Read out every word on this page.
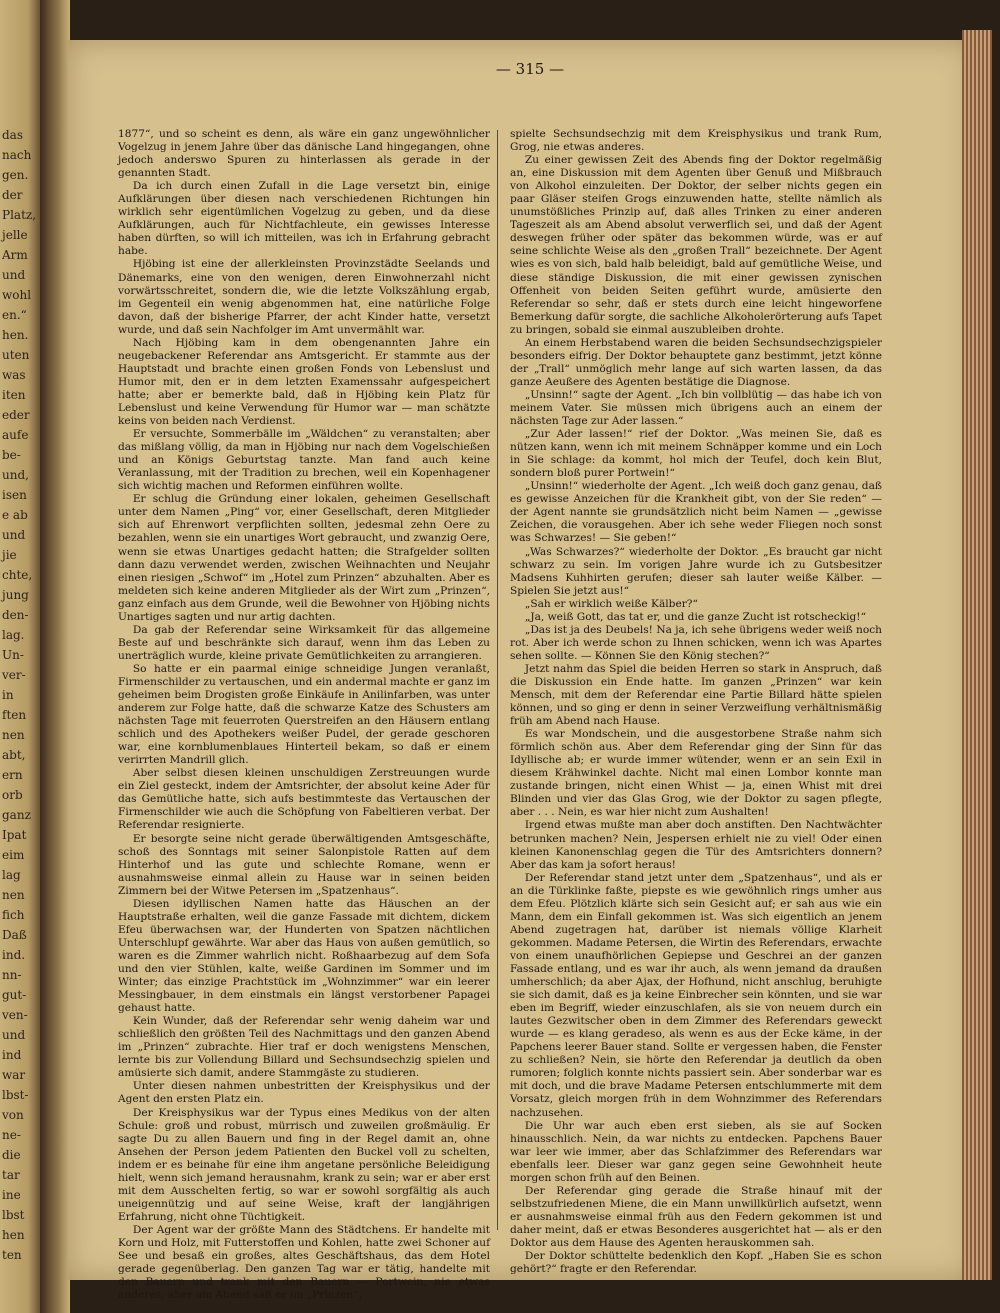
das
nach
gen.
der
Platz,
jelle
Arm
und
wohl
en.“
hen.
uten
was
iten
eder
aufe
be-
und,
isen
e ab
und
jie
chte,
jung
den-
lag.
Un-
ver-
in
ften
nen
abt,
ern
orb
ganz
Ipat
eim
lag
nen
fich
Daß
ind.
nn-
gut-
ven-
und
ind
war
lbst-
von
ne-
die
tar
ine
lbst
hen
ten
— 315 —

1877“, und so scheint es denn, als wäre ein ganz ungewöhnlicher Vogelzug in jenem Jahre über das dänische Land hingegangen, ohne jedoch anderswo Spuren zu hinterlassen als gerade in der genannten Stadt.

Da ich durch einen Zufall in die Lage versetzt bin, einige Aufklärungen über diesen nach verschiedenen Richtungen hin wirklich sehr eigentümlichen Vogelzug zu geben, und da diese Aufklärungen, auch für Nichtfachleute, ein gewisses Interesse haben dürften, so will ich mitteilen, was ich in Erfahrung gebracht habe.

Hjöbing ist eine der allerkleinsten Provinzstädte Seelands und Dänemarks, eine von den wenigen, deren Einwohnerzahl nicht vorwärtsschreitet, sondern die, wie die letzte Volkszählung ergab, im Gegenteil ein wenig abgenommen hat, eine natürliche Folge davon, daß der bisherige Pfarrer, der acht Kinder hatte, versetzt wurde, und daß sein Nachfolger im Amt unvermählt war.

Nach Hjöbing kam in dem obengenannten Jahre ein neugebackener Referendar ans Amtsgericht. Er stammte aus der Hauptstadt und brachte einen großen Fonds von Lebenslust und Humor mit, den er in dem letzten Examenssahr aufgespeichert hatte; aber er bemerkte bald, daß in Hjöbing kein Platz für Lebenslust und keine Verwendung für Humor war — man schätzte keins von beiden nach Verdienst.

Er versuchte, Sommerbälle im „Wäldchen“ zu veranstalten; aber das mißlang völlig, da man in Hjöbing nur nach dem Vogelschießen und an Königs Geburtstag tanzte. Man fand auch keine Veranlassung, mit der Tradition zu brechen, weil ein Kopenhagener sich wichtig machen und Reformen einführen wollte.

Er schlug die Gründung einer lokalen, geheimen Gesellschaft unter dem Namen „Ping“ vor, einer Gesellschaft, deren Mitglieder sich auf Ehrenwort verpflichten sollten, jedesmal zehn Oere zu bezahlen, wenn sie ein unartiges Wort gebraucht, und zwanzig Oere, wenn sie etwas Unartiges gedacht hatten; die Strafgelder sollten dann dazu verwendet werden, zwischen Weihnachten und Neujahr einen riesigen „Schwof“ im „Hotel zum Prinzen“ abzuhalten. Aber es meldeten sich keine anderen Mitglieder als der Wirt zum „Prinzen“, ganz einfach aus dem Grunde, weil die Bewohner von Hjöbing nichts Unartiges sagten und nur artig dachten.

Da gab der Referendar seine Wirksamkeit für das allgemeine Beste auf und beschränkte sich darauf, wenn ihm das Leben zu unerträglich wurde, kleine private Gemütlichkeiten zu arrangieren.

So hatte er ein paarmal einige schneidige Jungen veranlaßt, Firmenschilder zu vertauschen, und ein andermal machte er ganz im geheimen beim Drogisten große Einkäufe in Anilinfarben, was unter anderem zur Folge hatte, daß die schwarze Katze des Schusters am nächsten Tage mit feuerroten Querstreifen an den Häusern entlang schlich und des Apothekers weißer Pudel, der gerade geschoren war, eine kornblumenblaues Hinterteil bekam, so daß er einem verirrten Mandrill glich.

Aber selbst diesen kleinen unschuldigen Zerstreuungen wurde ein Ziel gesteckt, indem der Amtsrichter, der absolut keine Ader für das Gemütliche hatte, sich aufs bestimmteste das Vertauschen der Firmenschilder wie auch die Schöpfung von Fabeltieren verbat. Der Referendar resignierte.

Er besorgte seine nicht gerade überwältigenden Amtsgeschäfte, schoß des Sonntags mit seiner Salonpistole Ratten auf dem Hinterhof und las gute und schlechte Romane, wenn er ausnahmsweise einmal allein zu Hause war in seinen beiden Zimmern bei der Witwe Petersen im „Spatzenhaus“.

Diesen idyllischen Namen hatte das Häuschen an der Hauptstraße erhalten, weil die ganze Fassade mit dichtem, dickem Efeu überwachsen war, der Hunderten von Spatzen nächtlichen Unterschlupf gewährte. War aber das Haus von außen gemütlich, so waren es die Zimmer wahrlich nicht. Roßhaarbezug auf dem Sofa und den vier Stühlen, kalte, weiße Gardinen im Sommer und im Winter; das einzige Prachtstück im „Wohnzimmer“ war ein leerer Messingbauer, in dem einstmals ein längst verstorbener Papagei gehaust hatte.

Kein Wunder, daß der Referendar sehr wenig daheim war und schließlich den größten Teil des Nachmittags und den ganzen Abend im „Prinzen“ zubrachte. Hier traf er doch wenigstens Menschen, lernte bis zur Vollendung Billard und Sechsundsechzig spielen und amüsierte sich damit, andere Stammgäste zu studieren.

Unter diesen nahmen unbestritten der Kreisphysikus und der Agent den ersten Platz ein.

Der Kreisphysikus war der Typus eines Medikus von der alten Schule: groß und robust, mürrisch und zuweilen großmäulig. Er sagte Du zu allen Bauern und fing in der Regel damit an, ohne Ansehen der Person jedem Patienten den Buckel voll zu schelten, indem er es beinahe für eine ihm angetane persönliche Beleidigung hielt, wenn sich jemand herausnahm, krank zu sein; war er aber erst mit dem Ausschelten fertig, so war er sowohl sorgfältig als auch uneigennützig und auf seine Weise, kraft der langjährigen Erfahrung, nicht ohne Tüchtigkeit.

Der Agent war der größte Mann des Städtchens. Er handelte mit Korn und Holz, mit Futterstoffen und Kohlen, hatte zwei Schoner auf See und besaß ein großes, altes Geschäftshaus, das dem Hotel gerade gegenüberlag. Den ganzen Tag war er tätig, handelte mit den Bauern und trank mit den Bauern — Portwein, nie etwas anderes; aber am Abend saß er im „Prinzen“,

spielte Sechsundsechzig mit dem Kreisphysikus und trank Rum, Grog, nie etwas anderes.

Zu einer gewissen Zeit des Abends fing der Doktor regelmäßig an, eine Diskussion mit dem Agenten über Genuß und Mißbrauch von Alkohol einzuleiten. Der Doktor, der selber nichts gegen ein paar Gläser steifen Grogs einzuwenden hatte, stellte nämlich als unumstößliches Prinzip auf, daß alles Trinken zu einer anderen Tageszeit als am Abend absolut verwerflich sei, und daß der Agent deswegen früher oder später das bekommen würde, was er auf seine schlichte Weise als den „großen Trall“ bezeichnete. Der Agent wies es von sich, bald halb beleidigt, bald auf gemütliche Weise, und diese ständige Diskussion, die mit einer gewissen zynischen Offenheit von beiden Seiten geführt wurde, amüsierte den Referendar so sehr, daß er stets durch eine leicht hingeworfene Bemerkung dafür sorgte, die sachliche Alkoholerörterung aufs Tapet zu bringen, sobald sie einmal auszubleiben drohte.

An einem Herbstabend waren die beiden Sechsundsechzigspieler besonders eifrig. Der Doktor behauptete ganz bestimmt, jetzt könne der „Trall“ unmöglich mehr lange auf sich warten lassen, da das ganze Aeußere des Agenten bestätige die Diagnose.

„Unsinn!“ sagte der Agent. „Ich bin vollblütig — das habe ich von meinem Vater. Sie müssen mich übrigens auch an einem der nächsten Tage zur Ader lassen.“

„Zur Ader lassen!“ rief der Doktor. „Was meinen Sie, daß es nützen kann, wenn ich mit meinem Schnäpper komme und ein Loch in Sie schlage: da kommt, hol mich der Teufel, doch kein Blut, sondern bloß purer Portwein!“

„Unsinn!“ wiederholte der Agent. „Ich weiß doch ganz genau, daß es gewisse Anzeichen für die Krankheit gibt, von der Sie reden“ — der Agent nannte sie grundsätzlich nicht beim Namen — „gewisse Zeichen, die vorausgehen. Aber ich sehe weder Fliegen noch sonst was Schwarzes! — Sie geben!“

„Was Schwarzes?“ wiederholte der Doktor. „Es braucht gar nicht schwarz zu sein. Im vorigen Jahre wurde ich zu Gutsbesitzer Madsens Kuhhirten gerufen; dieser sah lauter weiße Kälber. — Spielen Sie jetzt aus!“

„Sah er wirklich weiße Kälber?“

„Ja, weiß Gott, das tat er, und die ganze Zucht ist rotscheckig!“

„Das ist ja des Deubels! Na ja, ich sehe übrigens weder weiß noch rot. Aber ich werde schon zu Ihnen schicken, wenn ich was Apartes sehen sollte. — Können Sie den König stechen?“

Jetzt nahm das Spiel die beiden Herren so stark in Anspruch, daß die Diskussion ein Ende hatte. Im ganzen „Prinzen“ war kein Mensch, mit dem der Referendar eine Partie Billard hätte spielen können, und so ging er denn in seiner Verzweiflung verhältnismäßig früh am Abend nach Hause.

Es war Mondschein, und die ausgestorbene Straße nahm sich förmlich schön aus. Aber dem Referendar ging der Sinn für das Idyllische ab; er wurde immer wütender, wenn er an sein Exil in diesem Krähwinkel dachte. Nicht mal einen Lombor konnte man zustande bringen, nicht einen Whist — ja, einen Whist mit drei Blinden und vier das Glas Grog, wie der Doktor zu sagen pflegte, aber . . . Nein, es war hier nicht zum Aushalten!

Irgend etwas mußte man aber doch anstiften. Den Nachtwächter betrunken machen? Nein, Jespersen erhielt nie zu viel! Oder einen kleinen Kanonenschlag gegen die Tür des Amtsrichters donnern? Aber das kam ja sofort heraus!

Der Referendar stand jetzt unter dem „Spatzenhaus“, und als er an die Türklinke faßte, piepste es wie gewöhnlich rings umher aus dem Efeu. Plötzlich klärte sich sein Gesicht auf; er sah aus wie ein Mann, dem ein Einfall gekommen ist. Was sich eigentlich an jenem Abend zugetragen hat, darüber ist niemals völlige Klarheit gekommen. Madame Petersen, die Wirtin des Referendars, erwachte von einem unaufhörlichen Gepiepse und Geschrei an der ganzen Fassade entlang, und es war ihr auch, als wenn jemand da draußen umherschlich; da aber Ajax, der Hofhund, nicht anschlug, beruhigte sie sich damit, daß es ja keine Einbrecher sein könnten, und sie war eben im Begriff, wieder einzuschlafen, als sie von neuem durch ein lautes Gezwitscher oben in dem Zimmer des Referendars geweckt wurde — es klang geradeso, als wenn es aus der Ecke käme, in der Papchens leerer Bauer stand. Sollte er vergessen haben, die Fenster zu schließen? Nein, sie hörte den Referendar ja deutlich da oben rumoren; folglich konnte nichts passiert sein. Aber sonderbar war es mit doch, und die brave Madame Petersen entschlummerte mit dem Vorsatz, gleich morgen früh in dem Wohnzimmer des Referendars nachzusehen.

Die Uhr war auch eben erst sieben, als sie auf Socken hinausschlich. Nein, da war nichts zu entdecken. Papchens Bauer war leer wie immer, aber das Schlafzimmer des Referendars war ebenfalls leer. Dieser war ganz gegen seine Gewohnheit heute morgen schon früh auf den Beinen.

Der Referendar ging gerade die Straße hinauf mit der selbstzufriedenen Miene, die ein Mann unwillkürlich aufsetzt, wenn er ausnahmsweise einmal früh aus den Federn gekommen ist und daher meint, daß er etwas Besonderes ausgerichtet hat — als er den Doktor aus dem Hause des Agenten herauskommen sah.

Der Doktor schüttelte bedenklich den Kopf. „Haben Sie es schon gehört?“ fragte er den Referendar.
